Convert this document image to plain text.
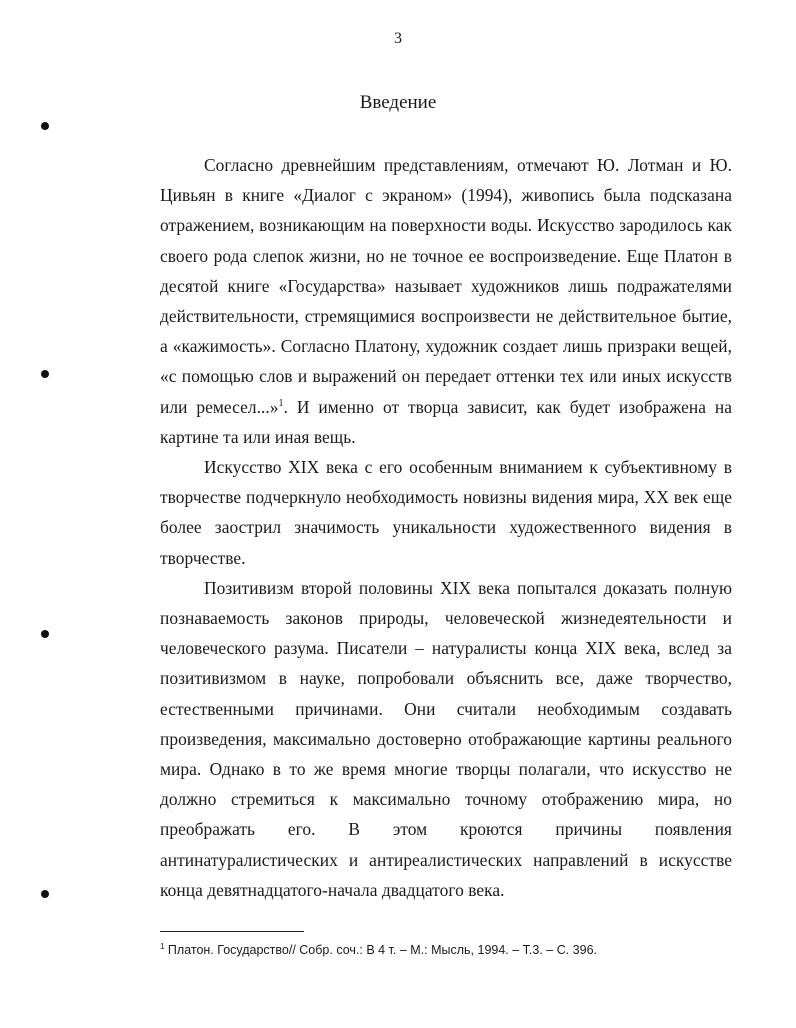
3
Введение

Согласно древнейшим представлениям, отмечают Ю. Лотман и Ю. Цивьян в книге «Диалог с экраном» (1994), живопись была подсказана отражением, возникающим на поверхности воды. Искусство зародилось как своего рода слепок жизни, но не точное ее воспроизведение. Еще Платон в десятой книге «Государства» называет художников лишь подражателями действительности, стремящимися воспроизвести не действительное бытие, а «кажимость». Согласно Платону, художник создает лишь призраки вещей, «с помощью слов и выражений он передает оттенки тех или иных искусств или ремесел...»$^1$. И именно от творца зависит, как будет изображена на картине та или иная вещь.

Искусство XIX века с его особенным вниманием к субъективному в творчестве подчеркнуло необходимость новизны видения мира, XX век еще более заострил значимость уникальности художественного видения в творчестве.

Позитивизм второй половины XIX века попытался доказать полную познаваемость законов природы, человеческой жизнедеятельности и человеческого разума. Писатели – натуралисты конца XIX века, вслед за позитивизмом в науке, попробовали объяснить все, даже творчество, естественными причинами. Они считали необходимым создавать произведения, максимально достоверно отображающие картины реального мира. Однако в то же время многие творцы полагали, что искусство не должно стремиться к максимально точному отображению мира, но преображать его. В этом кроются причины появления антинатуралистических и антиреалистических направлений в искусстве конца девятнадцатого-начала двадцатого века.

$^1$ Платон. Государство// Собр. соч.: В 4 т. – М.: Мысль, 1994. – Т.3. – С. 396.
